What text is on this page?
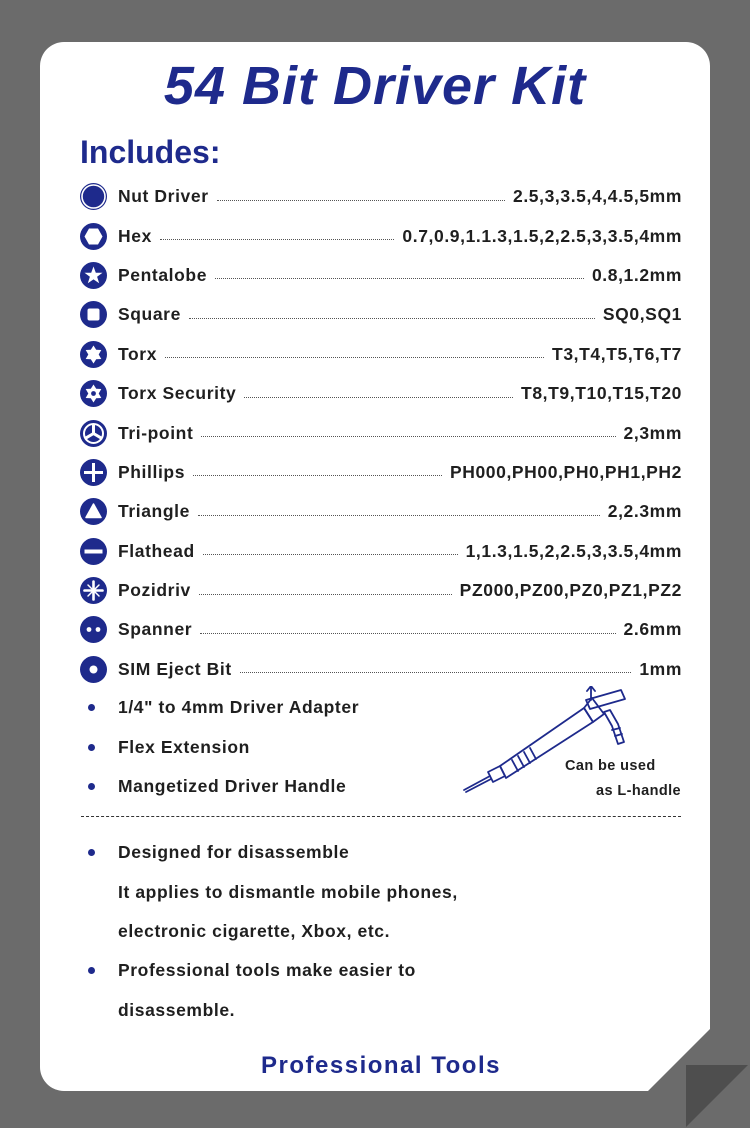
54 Bit Driver Kit
Includes:
Nut Driver	2.5,3,3.5,4,4.5,5mm
Hex	0.7,0.9,1.1.3,1.5,2,2.5,3,3.5,4mm
Pentalobe	0.8,1.2mm
Square	SQ0,SQ1
Torx	T3,T4,T5,T6,T7
Torx Security	T8,T9,T10,T15,T20
Tri-point	2,3mm
Phillips	PH000,PH00,PH0,PH1,PH2
Triangle	2,2.3mm
Flathead	1,1.3,1.5,2,2.5,3,3.5,4mm
Pozidriv	PZ000,PZ00,PZ0,PZ1,PZ2
Spanner	2.6mm
SIM Eject Bit	1mm
1/4" to 4mm Driver Adapter
Flex Extension
Mangetized Driver Handle
Can be used
as L-handle
Designed for disassemble
It applies to dismantle mobile phones,
electronic cigarette, Xbox, etc.
Professional tools make easier to
disassemble.
Professional Tools
